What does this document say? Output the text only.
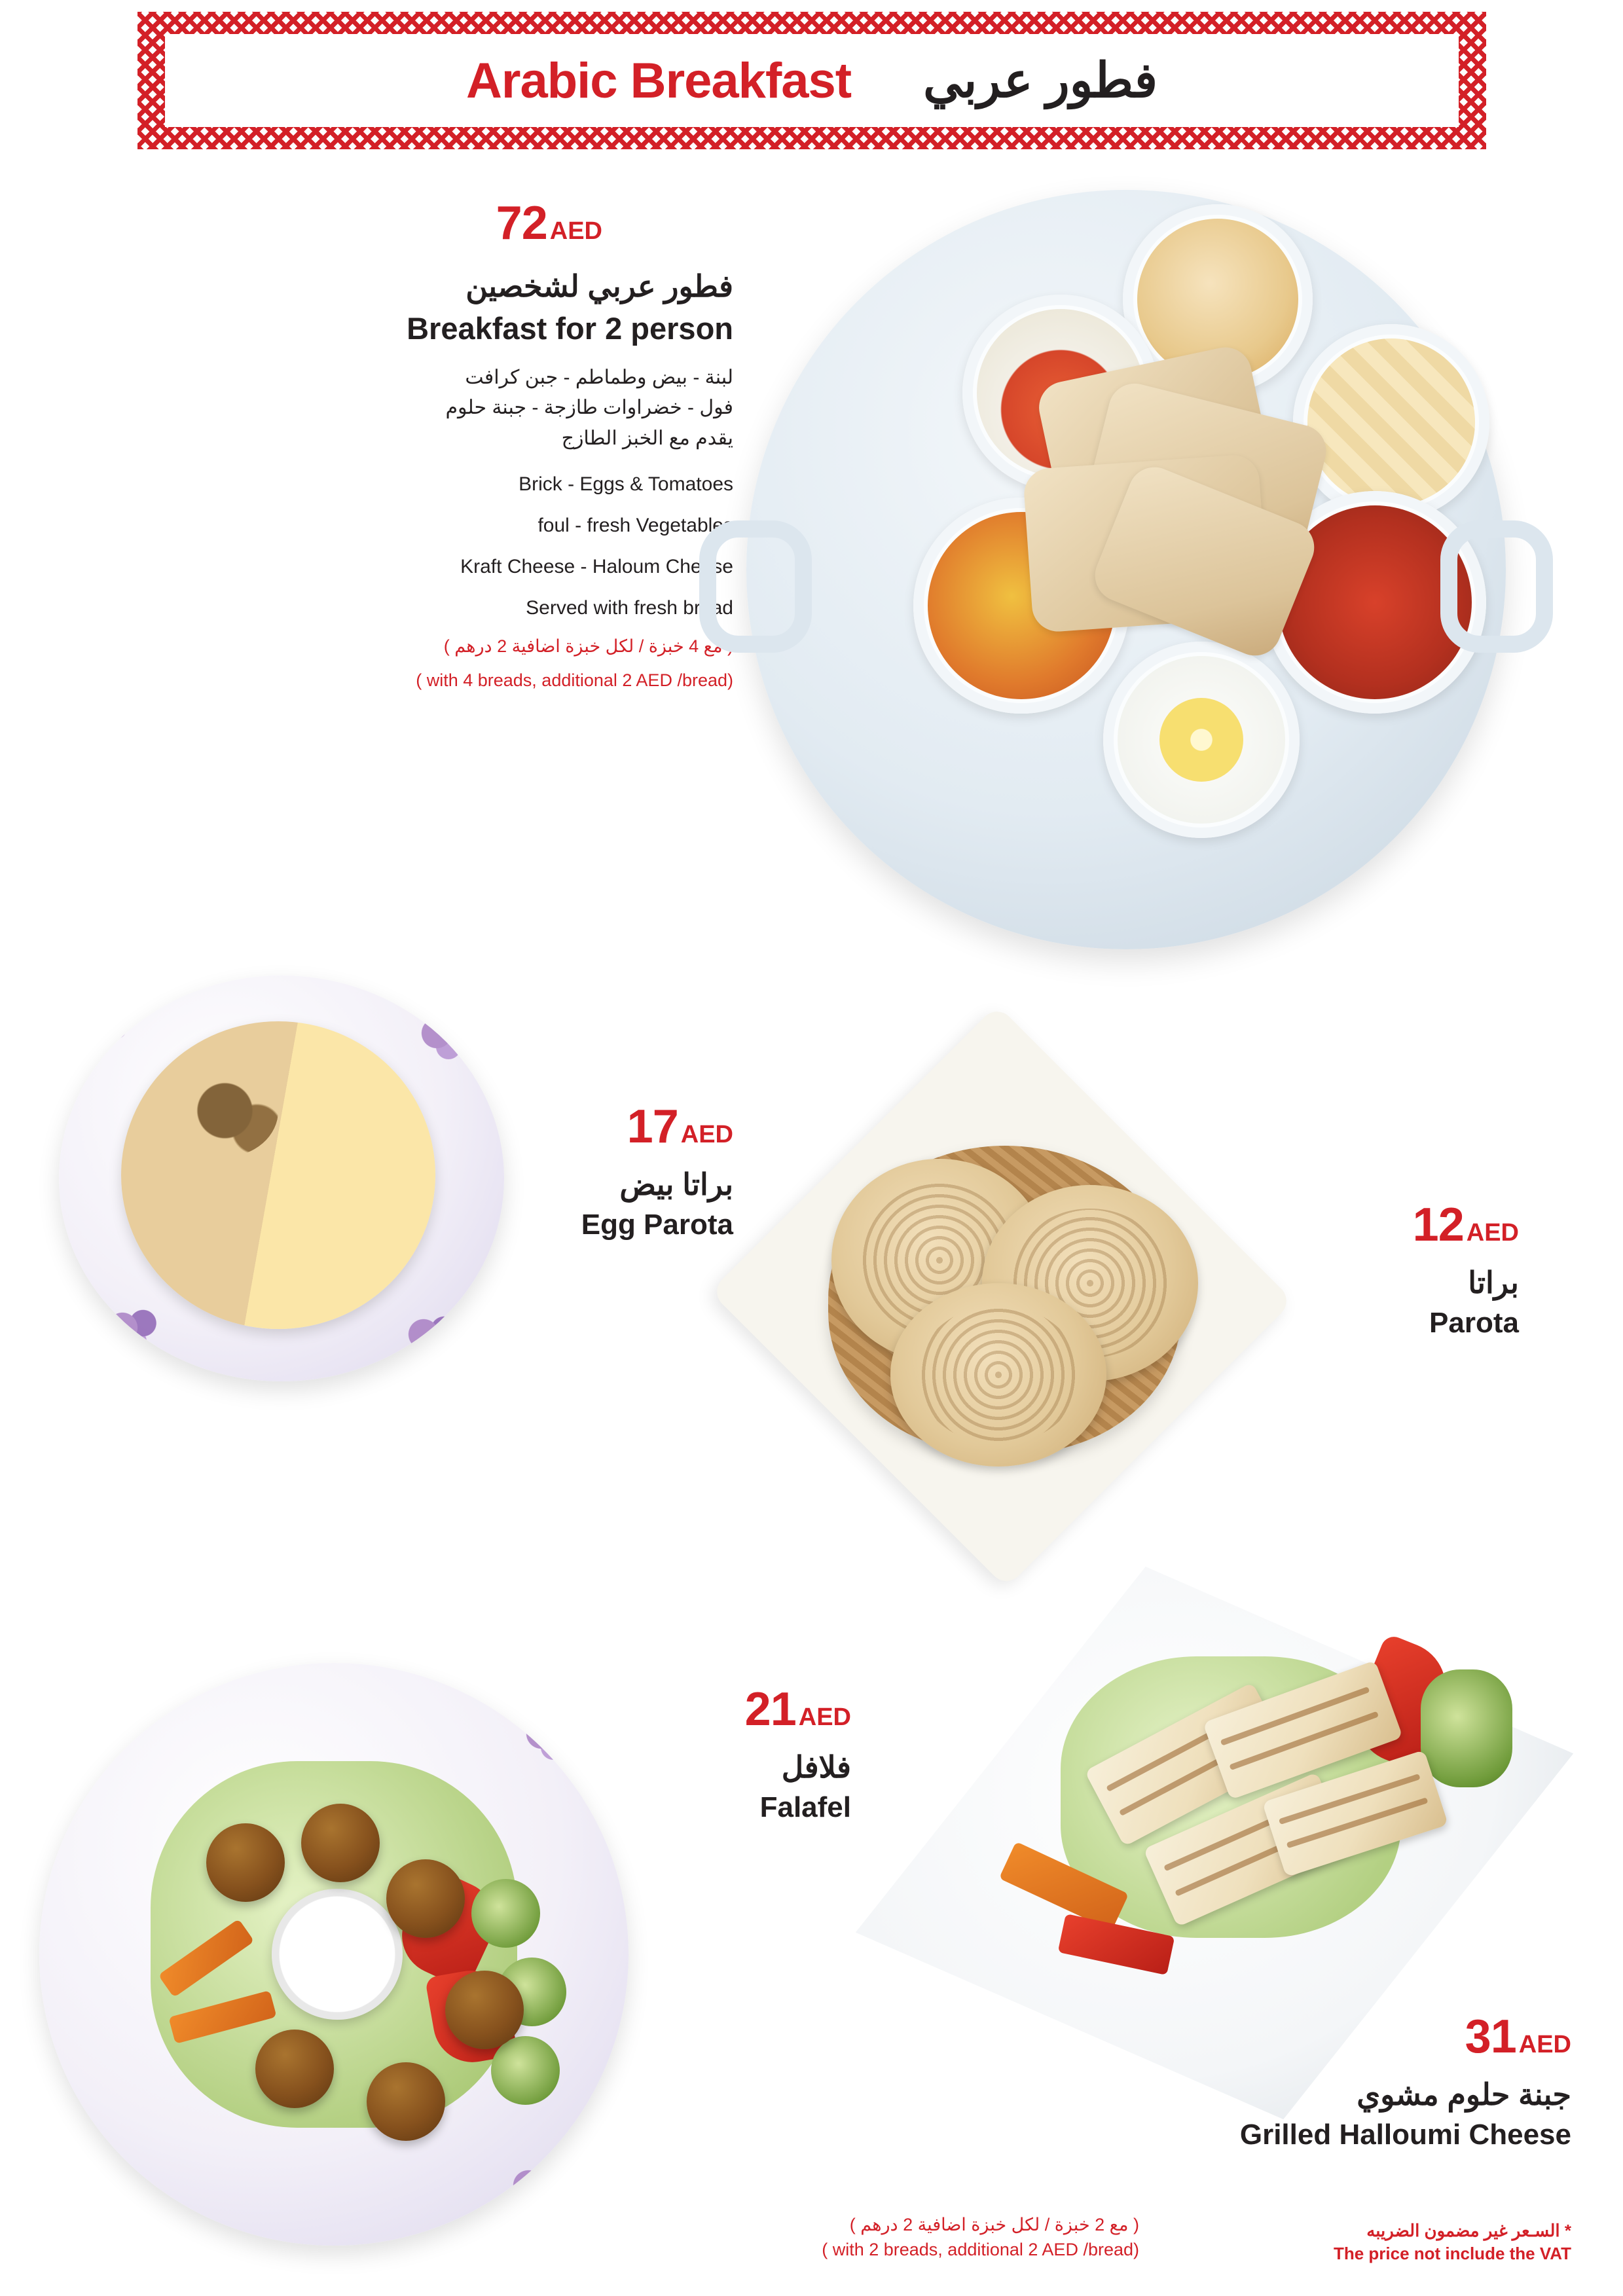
Arabic Breakfast فطور عربي
72 AED
فطور عربي لشخصين
Breakfast for 2 person
لبنة - بيض وطماطم - جبن كرافت
فول - خضراوات طازجة - جبنة حلوم
يقدم مع الخبز الطازج
Brick - Eggs & Tomatoes
foul - fresh Vegetables
Kraft Cheese - Haloum Cheese
Served with fresh bread
( مع 4 خبزة / لكل خبزة اضافية 2 درهم )
( with 4 breads, additional 2 AED /bread)
17 AED
براتا بيض
Egg Parota	12 AED
براتا
Parota
21 AED
فلافل
Falafel
( مع 2 خبزة / لكل خبزة اضافية 2 درهم )
( with 2 breads, additional 2 AED /bread)
31 AED
جبنة حلوم مشوي
Grilled Halloumi Cheese
* السـعر غير مضمون الضريبه
The price not include the VAT
